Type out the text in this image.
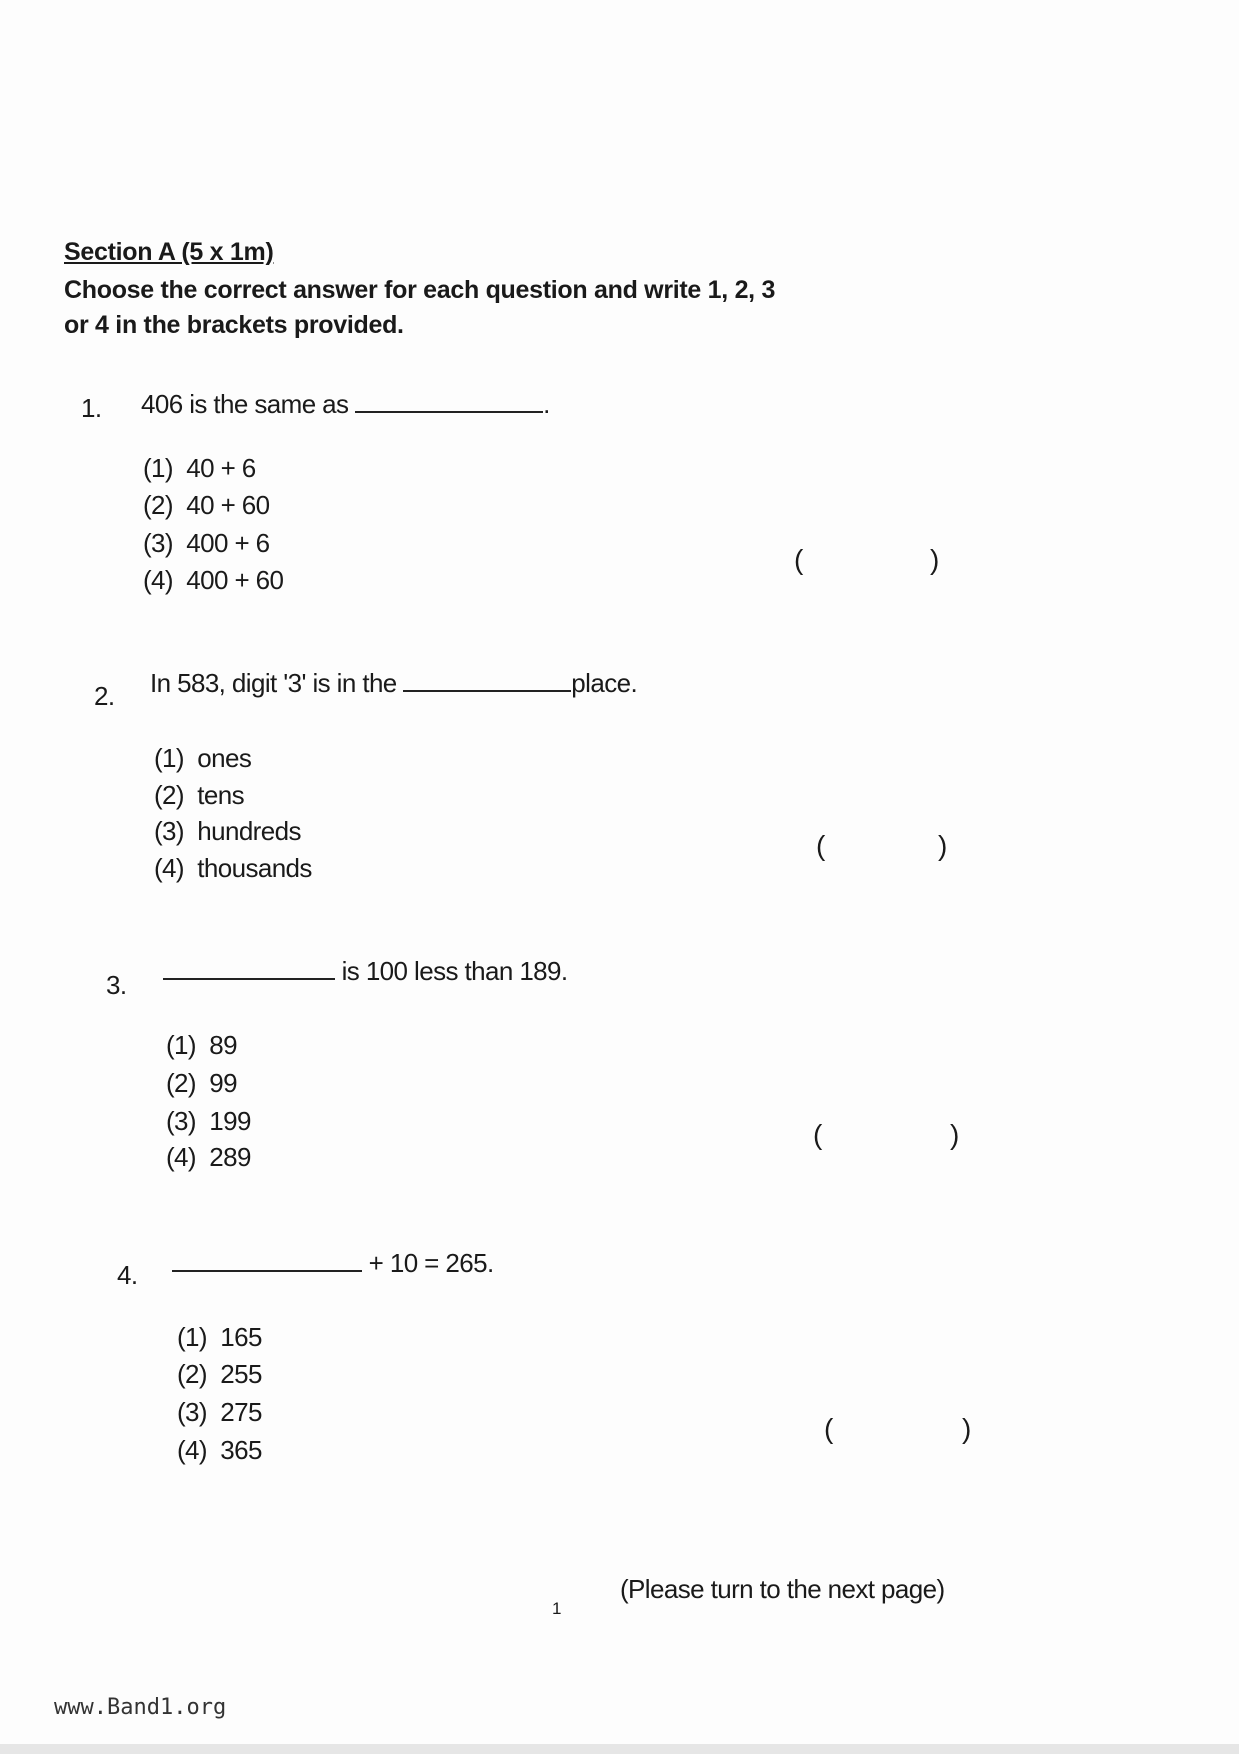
Section A (5 x 1m)
Choose the correct answer for each question and write 1, 2, 3
or 4 in the brackets provided.
1. 406 is the same as	.
(1) 40 + 6
(2) 40 + 60
(3) 400 + 6
(4) 400 + 60
(	)
2. In 583, digit '3' is in the	place.
(1) ones
(2) tens
(3) hundreds
(4) thousands
(	)
3.	is 100 less than 189.
(1) 89
(2) 99
(3) 199
(4) 289
(	)
4.	+ 10 = 265.
(1) 165
(2) 255
(3) 275
(4) 365
(	)
1
(Please turn to the next page)
www.Band1.org
